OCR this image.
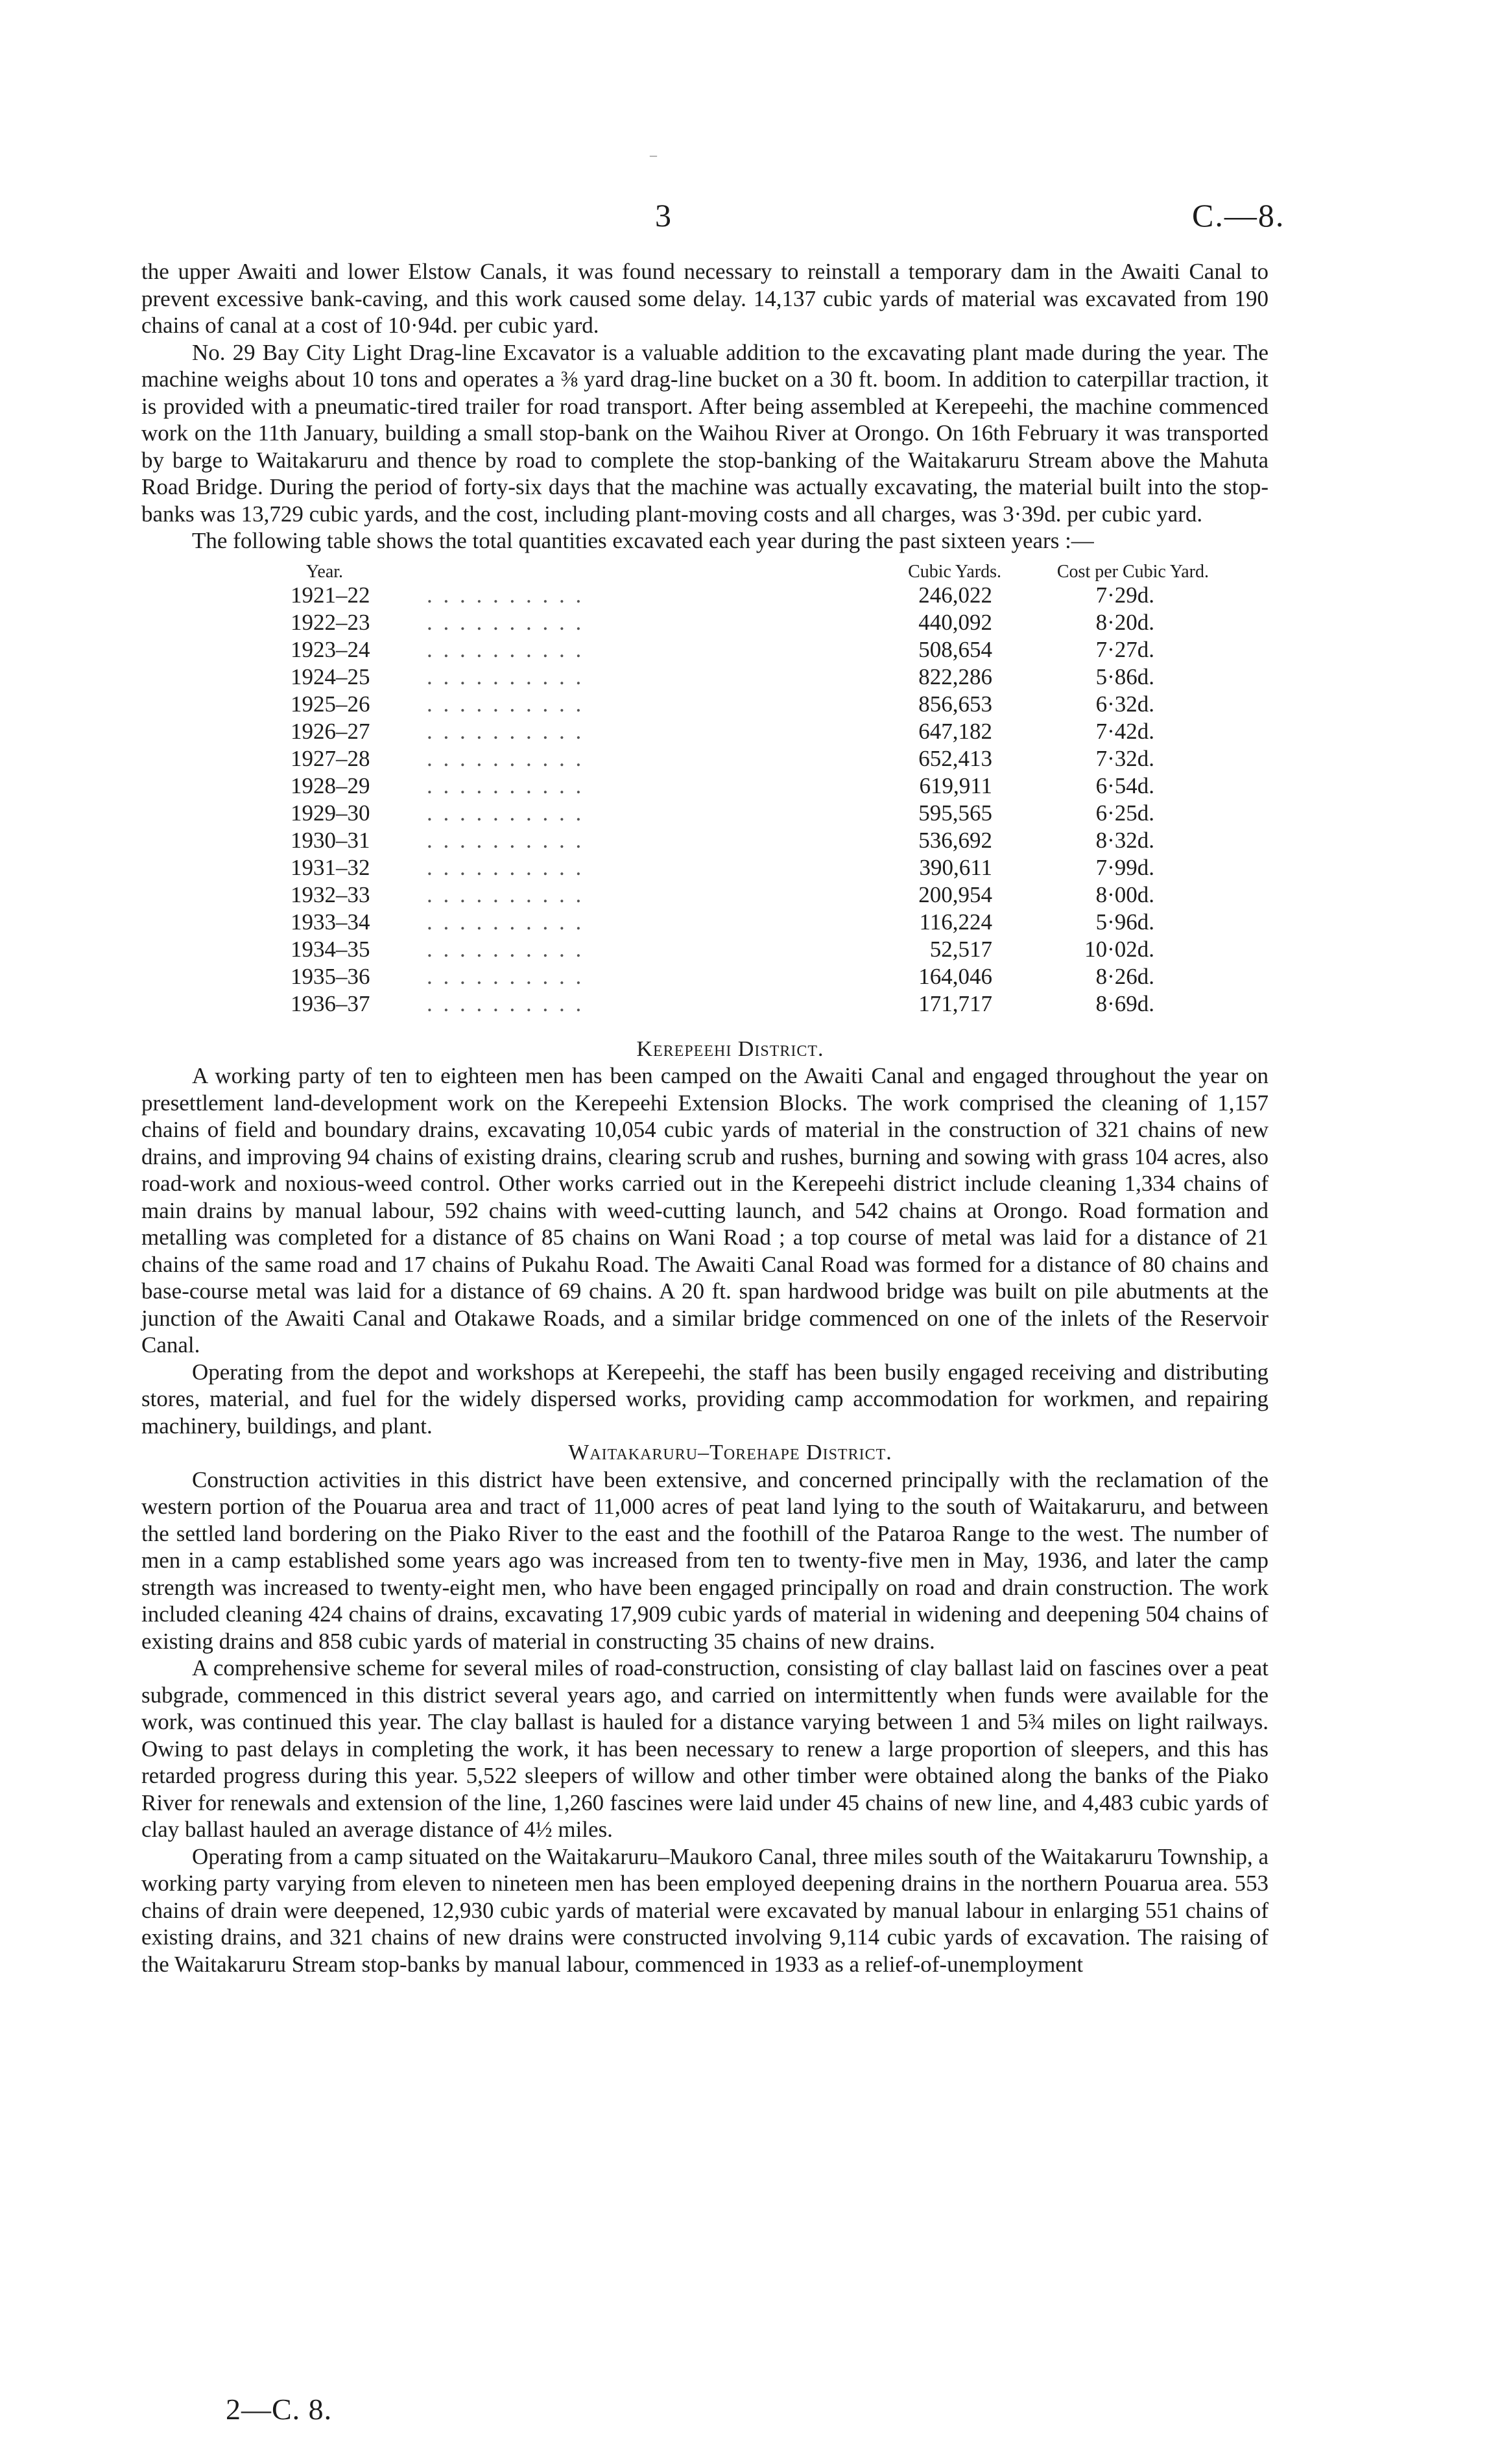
–
3	C.—8.

the upper Awaiti and lower Elstow Canals, it was found necessary to reinstall a temporary dam in the Awaiti Canal to prevent excessive bank-caving, and this work caused some delay. 14,137 cubic yards of material was excavated from 190 chains of canal at a cost of 10·94d. per cubic yard.

No. 29 Bay City Light Drag-line Excavator is a valuable addition to the excavating plant made during the year. The machine weighs about 10 tons and operates a ⅜ yard drag-line bucket on a 30 ft. boom. In addition to caterpillar traction, it is provided with a pneumatic-tired trailer for road transport. After being assembled at Kerepeehi, the machine commenced work on the 11th January, building a small stop-bank on the Waihou River at Orongo. On 16th February it was transported by barge to Waitakaruru and thence by road to complete the stop-banking of the Waitakaruru Stream above the Mahuta Road Bridge. During the period of forty-six days that the machine was actually excavating, the material built into the stop-banks was 13,729 cubic yards, and the cost, including plant-moving costs and all charges, was 3·39d. per cubic yard.

The following table shows the total quantities excavated each year during the past sixteen years :—

Year.	Cubic Yards.	Cost per Cubic Yard.
1921–22	. . . . . . . . . .	246,022	7·29d.
1922–23	. . . . . . . . . .	440,092	8·20d.
1923–24	. . . . . . . . . .	508,654	7·27d.
1924–25	. . . . . . . . . .	822,286	5·86d.
1925–26	. . . . . . . . . .	856,653	6·32d.
1926–27	. . . . . . . . . .	647,182	7·42d.
1927–28	. . . . . . . . . .	652,413	7·32d.
1928–29	. . . . . . . . . .	619,911	6·54d.
1929–30	. . . . . . . . . .	595,565	6·25d.
1930–31	. . . . . . . . . .	536,692	8·32d.
1931–32	. . . . . . . . . .	390,611	7·99d.
1932–33	. . . . . . . . . .	200,954	8·00d.
1933–34	. . . . . . . . . .	116,224	5·96d.
1934–35	. . . . . . . . . .	52,517	10·02d.
1935–36	. . . . . . . . . .	164,046	8·26d.
1936–37	. . . . . . . . . .	171,717	8·69d.

Kerepeehi District.

A working party of ten to eighteen men has been camped on the Awaiti Canal and engaged throughout the year on presettlement land-development work on the Kerepeehi Extension Blocks. The work comprised the cleaning of 1,157 chains of field and boundary drains, excavating 10,054 cubic yards of material in the construction of 321 chains of new drains, and improving 94 chains of existing drains, clearing scrub and rushes, burning and sowing with grass 104 acres, also road-work and noxious-weed control. Other works carried out in the Kerepeehi district include cleaning 1,334 chains of main drains by manual labour, 592 chains with weed-cutting launch, and 542 chains at Orongo. Road formation and metalling was completed for a distance of 85 chains on Wani Road ; a top course of metal was laid for a distance of 21 chains of the same road and 17 chains of Pukahu Road. The Awaiti Canal Road was formed for a distance of 80 chains and base-course metal was laid for a distance of 69 chains. A 20 ft. span hardwood bridge was built on pile abutments at the junction of the Awaiti Canal and Otakawe Roads, and a similar bridge commenced on one of the inlets of the Reservoir Canal.

Operating from the depot and workshops at Kerepeehi, the staff has been busily engaged receiving and distributing stores, material, and fuel for the widely dispersed works, providing camp accommodation for workmen, and repairing machinery, buildings, and plant.

Waitakaruru–Torehape District.

Construction activities in this district have been extensive, and concerned principally with the reclamation of the western portion of the Pouarua area and tract of 11,000 acres of peat land lying to the south of Waitakaruru, and between the settled land bordering on the Piako River to the east and the foothill of the Pataroa Range to the west. The number of men in a camp established some years ago was increased from ten to twenty-five men in May, 1936, and later the camp strength was increased to twenty-eight men, who have been engaged principally on road and drain construction. The work included cleaning 424 chains of drains, excavating 17,909 cubic yards of material in widening and deepening 504 chains of existing drains and 858 cubic yards of material in constructing 35 chains of new drains.

A comprehensive scheme for several miles of road-construction, consisting of clay ballast laid on fascines over a peat subgrade, commenced in this district several years ago, and carried on intermittently when funds were available for the work, was continued this year. The clay ballast is hauled for a distance varying between 1 and 5¾ miles on light railways. Owing to past delays in completing the work, it has been necessary to renew a large proportion of sleepers, and this has retarded progress during this year. 5,522 sleepers of willow and other timber were obtained along the banks of the Piako River for renewals and extension of the line, 1,260 fascines were laid under 45 chains of new line, and 4,483 cubic yards of clay ballast hauled an average distance of 4½ miles.

Operating from a camp situated on the Waitakaruru–Maukoro Canal, three miles south of the Waitakaruru Township, a working party varying from eleven to nineteen men has been employed deepening drains in the northern Pouarua area. 553 chains of drain were deepened, 12,930 cubic yards of material were excavated by manual labour in enlarging 551 chains of existing drains, and 321 chains of new drains were constructed involving 9,114 cubic yards of excavation. The raising of the Waitakaruru Stream stop-banks by manual labour, commenced in 1933 as a relief-of-unemployment

2—C. 8.
